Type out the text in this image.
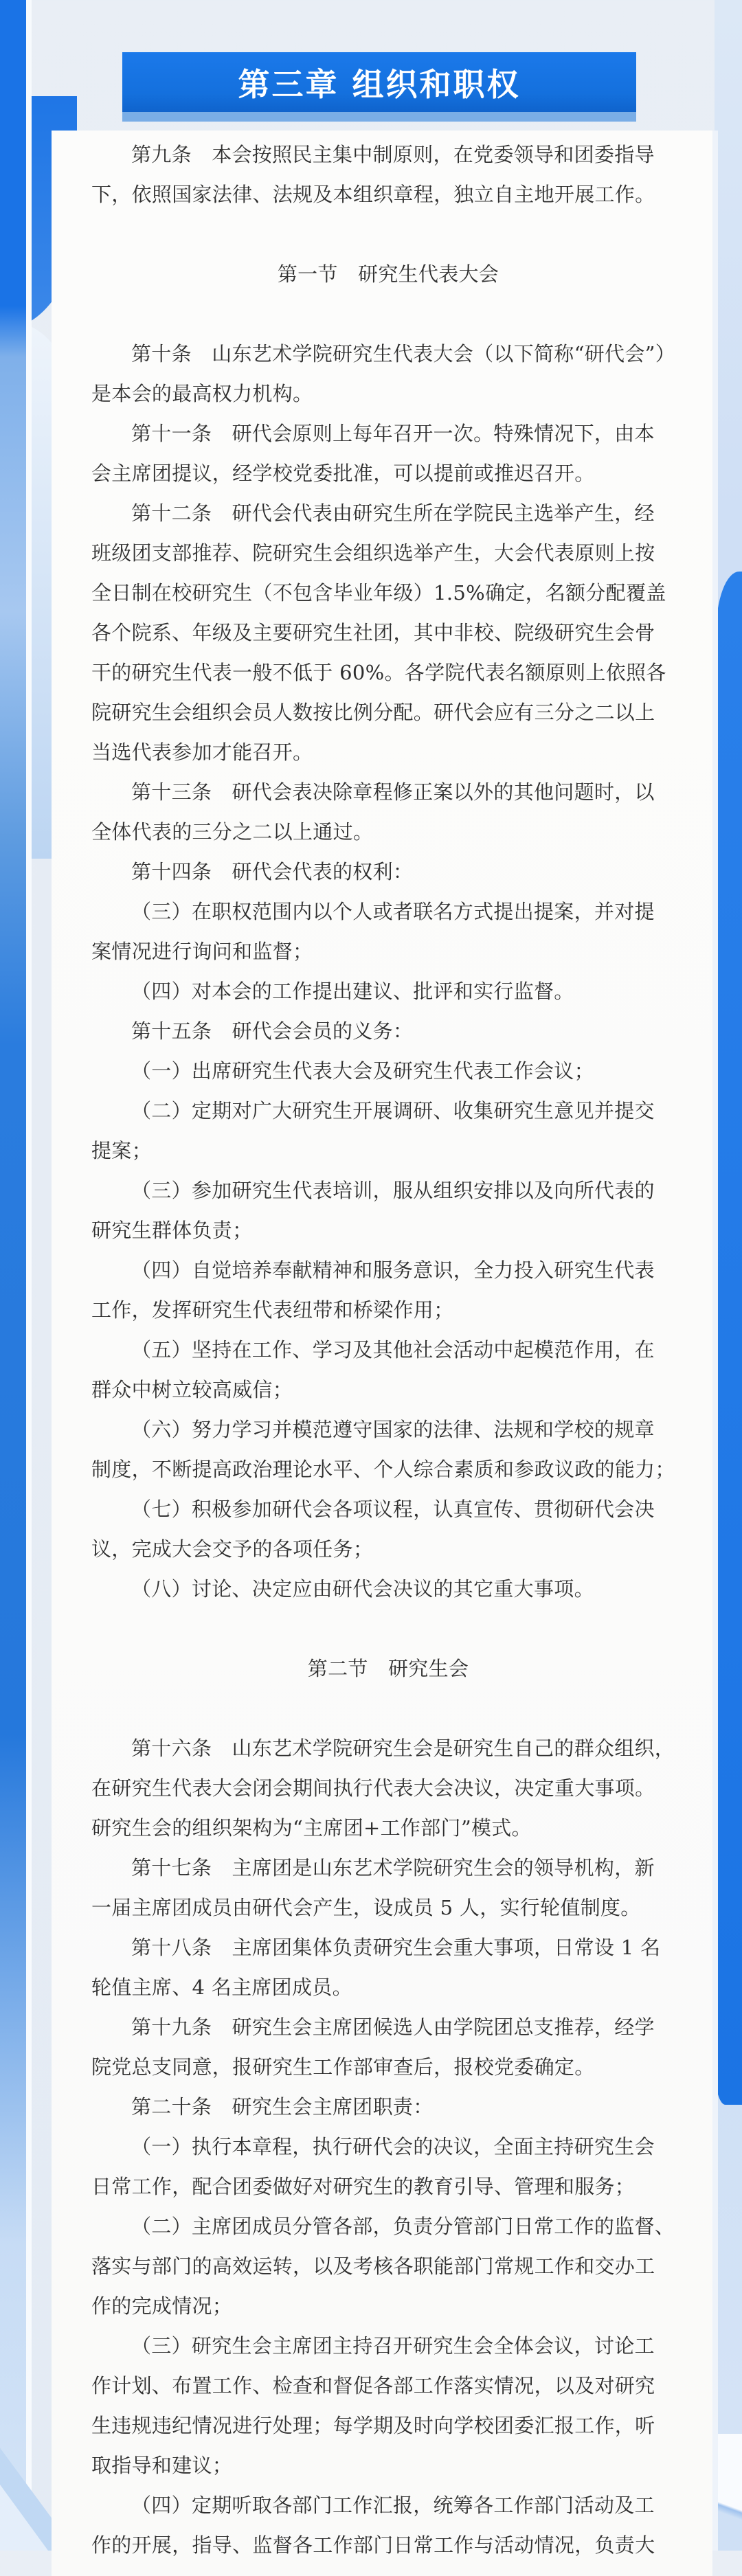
第三章 组织和职权
第九条　本会按照民主集中制原则，在党委领导和团委指导
下，依照国家法律、法规及本组织章程，独立自主地开展工作。
第一节　研究生代表大会
第十条　山东艺术学院研究生代表大会（以下简称“研代会”）
是本会的最高权力机构。
第十一条　研代会原则上每年召开一次。特殊情况下，由本
会主席团提议，经学校党委批准，可以提前或推迟召开。
第十二条　研代会代表由研究生所在学院民主选举产生，经
班级团支部推荐、院研究生会组织选举产生，大会代表原则上按
全日制在校研究生（不包含毕业年级）1.5%确定，名额分配覆盖
各个院系、年级及主要研究生社团，其中非校、院级研究生会骨
干的研究生代表一般不低于 60%。各学院代表名额原则上依照各
院研究生会组织会员人数按比例分配。研代会应有三分之二以上
当选代表参加才能召开。
第十三条　研代会表决除章程修正案以外的其他问题时，以
全体代表的三分之二以上通过。
第十四条　研代会代表的权利：
（三）在职权范围内以个人或者联名方式提出提案，并对提
案情况进行询问和监督；
（四）对本会的工作提出建议、批评和实行监督。
第十五条　研代会会员的义务：
（一）出席研究生代表大会及研究生代表工作会议；
（二）定期对广大研究生开展调研、收集研究生意见并提交
提案；
（三）参加研究生代表培训，服从组织安排以及向所代表的
研究生群体负责；
（四）自觉培养奉献精神和服务意识，全力投入研究生代表
工作，发挥研究生代表纽带和桥梁作用；
（五）坚持在工作、学习及其他社会活动中起模范作用，在
群众中树立较高威信；
（六）努力学习并模范遵守国家的法律、法规和学校的规章
制度，不断提高政治理论水平、个人综合素质和参政议政的能力；
（七）积极参加研代会各项议程，认真宣传、贯彻研代会决
议，完成大会交予的各项任务；
（八）讨论、决定应由研代会决议的其它重大事项。
第二节　研究生会
第十六条　山东艺术学院研究生会是研究生自己的群众组织，
在研究生代表大会闭会期间执行代表大会决议，决定重大事项。
研究生会的组织架构为“主席团+工作部门”模式。
第十七条　主席团是山东艺术学院研究生会的领导机构，新
一届主席团成员由研代会产生，设成员 5 人，实行轮值制度。
第十八条　主席团集体负责研究生会重大事项，日常设 1 名
轮值主席、4 名主席团成员。
第十九条　研究生会主席团候选人由学院团总支推荐，经学
院党总支同意，报研究生工作部审查后，报校党委确定。
第二十条　研究生会主席团职责：
（一）执行本章程，执行研代会的决议，全面主持研究生会
日常工作，配合团委做好对研究生的教育引导、管理和服务；
（二）主席团成员分管各部，负责分管部门日常工作的监督、
落实与部门的高效运转，以及考核各职能部门常规工作和交办工
作的完成情况；
（三）研究生会主席团主持召开研究生会全体会议，讨论工
作计划、布置工作、检查和督促各部工作落实情况，以及对研究
生违规违纪情况进行处理；每学期及时向学校团委汇报工作，听
取指导和建议；
（四）定期听取各部门工作汇报，统筹各工作部门活动及工
作的开展，指导、监督各工作部门日常工作与活动情况，负责大
